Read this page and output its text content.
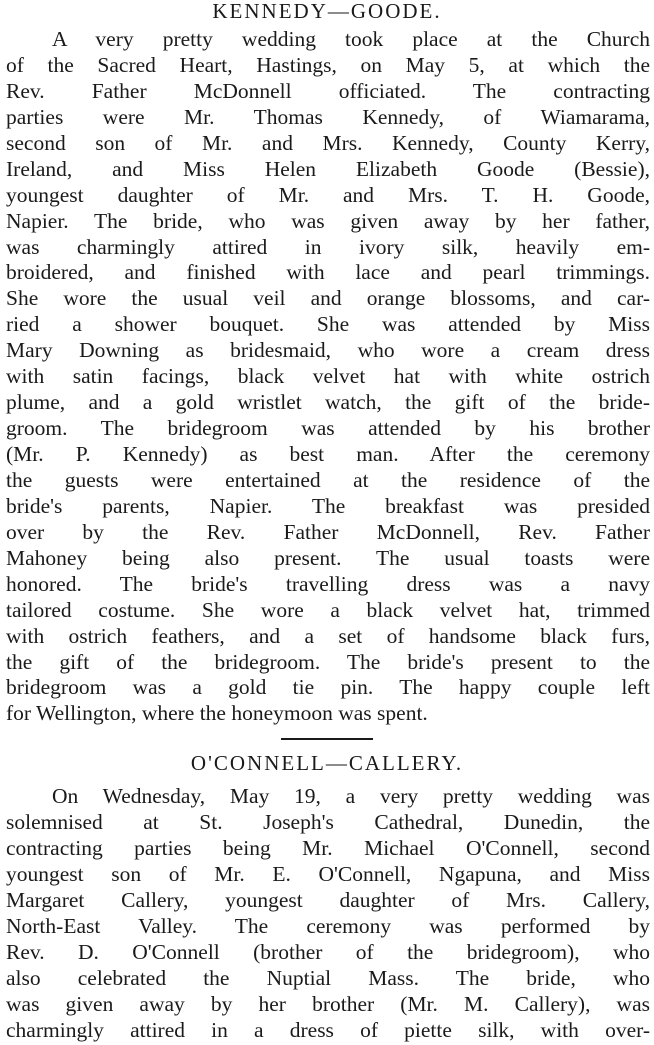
KENNEDY—GOODE.
A very pretty wedding took place at the Church
of the Sacred Heart, Hastings, on May 5, at which the
Rev. Father McDonnell officiated. The contracting
parties were Mr. Thomas Kennedy, of Wiamarama,
second son of Mr. and Mrs. Kennedy, County Kerry,
Ireland, and Miss Helen Elizabeth Goode (Bessie),
youngest daughter of Mr. and Mrs. T. H. Goode,
Napier. The bride, who was given away by her father,
was charmingly attired in ivory silk, heavily em-
broidered, and finished with lace and pearl trimmings.
She wore the usual veil and orange blossoms, and car-
ried a shower bouquet. She was attended by Miss
Mary Downing as bridesmaid, who wore a cream dress
with satin facings, black velvet hat with white ostrich
plume, and a gold wristlet watch, the gift of the bride-
groom. The bridegroom was attended by his brother
(Mr. P. Kennedy) as best man. After the ceremony
the guests were entertained at the residence of the
bride's parents, Napier. The breakfast was presided
over by the Rev. Father McDonnell, Rev. Father
Mahoney being also present. The usual toasts were
honored. The bride's travelling dress was a navy
tailored costume. She wore a black velvet hat, trimmed
with ostrich feathers, and a set of handsome black furs,
the gift of the bridegroom. The bride's present to the
bridegroom was a gold tie pin. The happy couple left
for Wellington, where the honeymoon was spent.
O'CONNELL—CALLERY.
On Wednesday, May 19, a very pretty wedding was
solemnised at St. Joseph's Cathedral, Dunedin, the
contracting parties being Mr. Michael O'Connell, second
youngest son of Mr. E. O'Connell, Ngapuna, and Miss
Margaret Callery, youngest daughter of Mrs. Callery,
North-East Valley. The ceremony was performed by
Rev. D. O'Connell (brother of the bridegroom), who
also celebrated the Nuptial Mass. The bride, who
was given away by her brother (Mr. M. Callery), was
charmingly attired in a dress of piette silk, with over-
